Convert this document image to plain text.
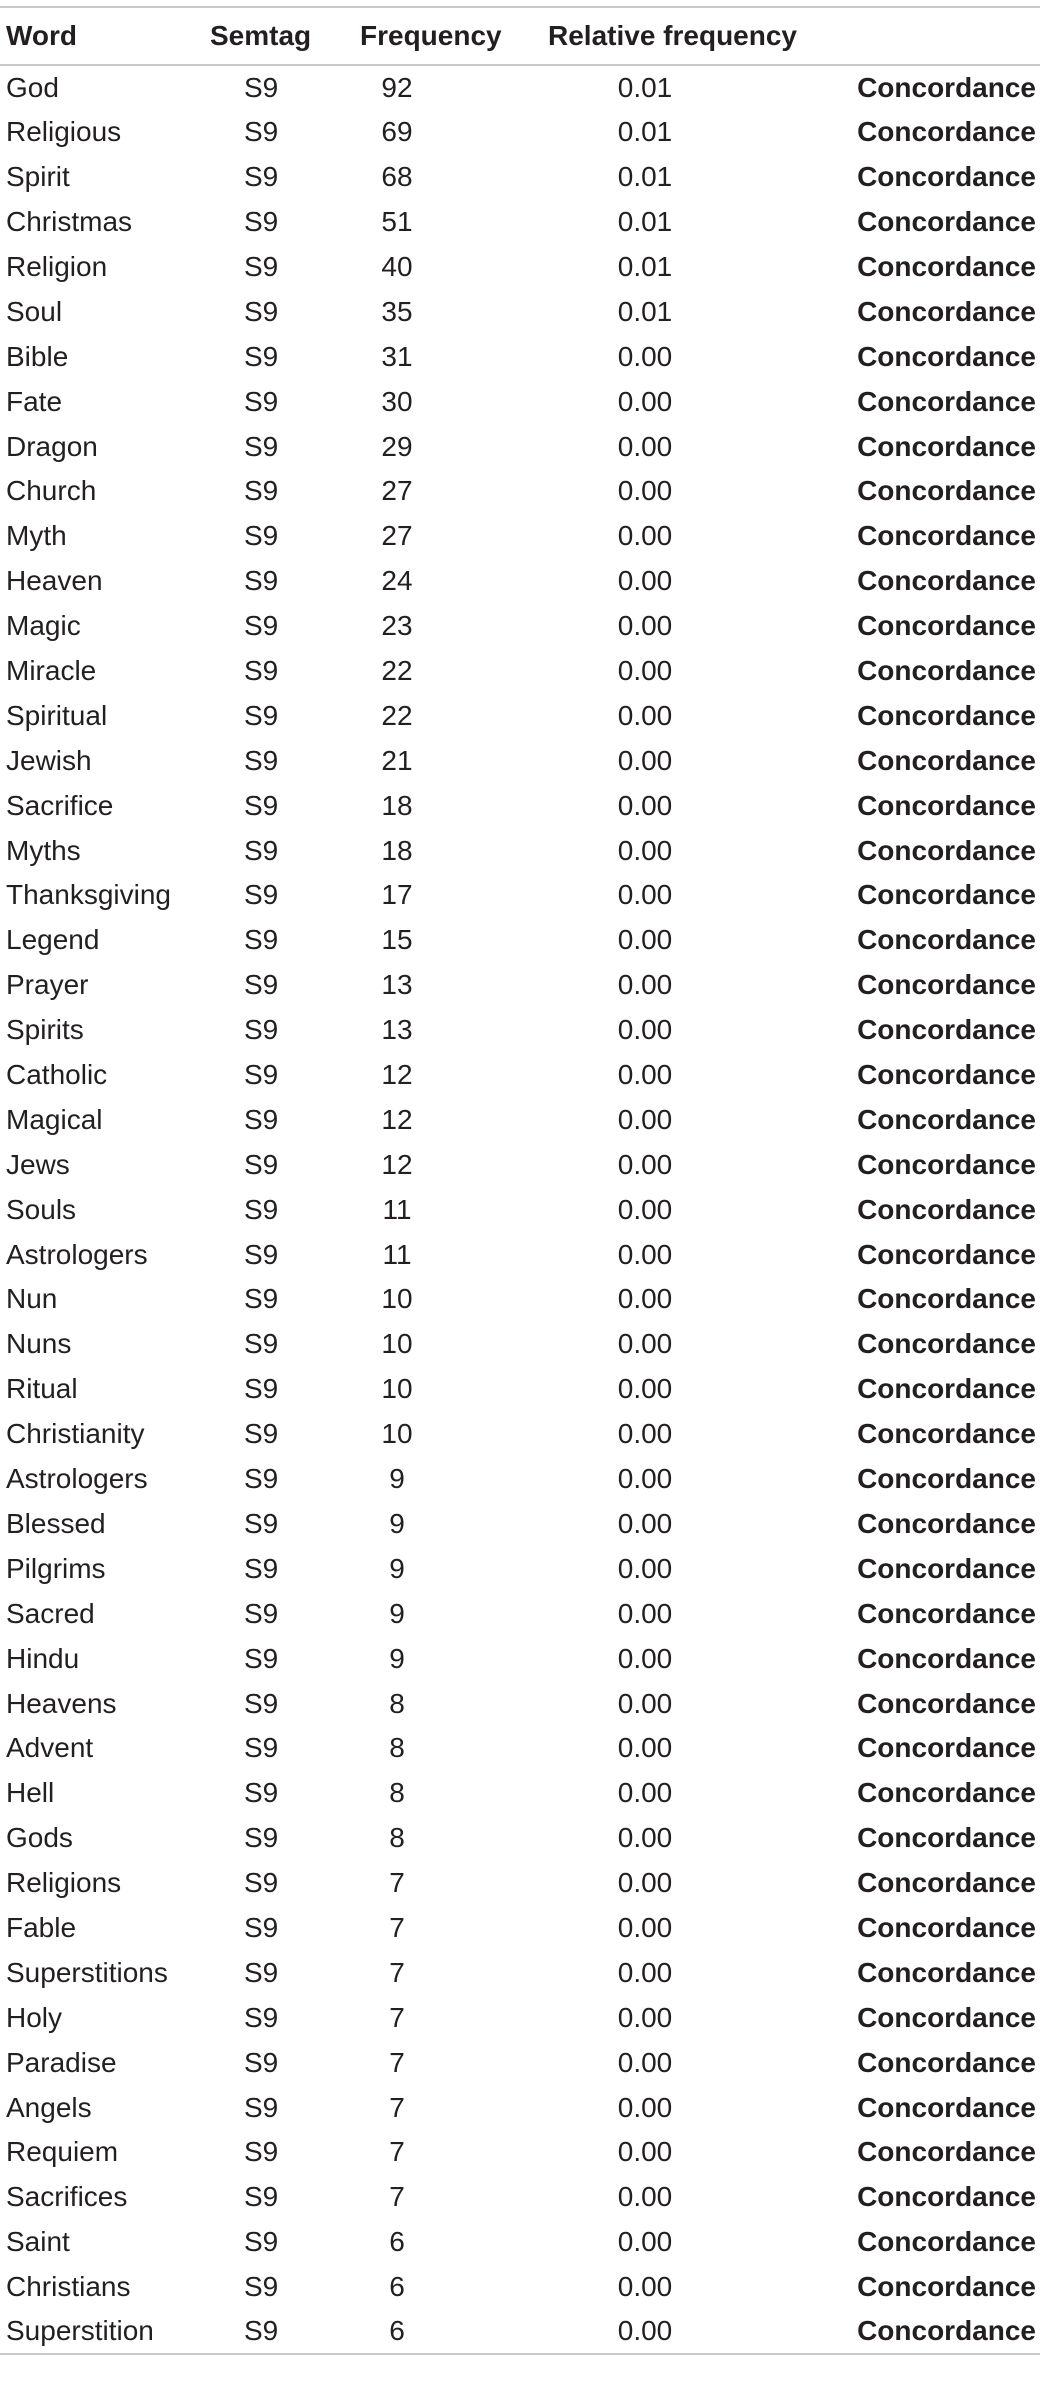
Word	Semtag	Frequency	Relative frequency	
God	S9	92	0.01	Concordance
Religious	S9	69	0.01	Concordance
Spirit	S9	68	0.01	Concordance
Christmas	S9	51	0.01	Concordance
Religion	S9	40	0.01	Concordance
Soul	S9	35	0.01	Concordance
Bible	S9	31	0.00	Concordance
Fate	S9	30	0.00	Concordance
Dragon	S9	29	0.00	Concordance
Church	S9	27	0.00	Concordance
Myth	S9	27	0.00	Concordance
Heaven	S9	24	0.00	Concordance
Magic	S9	23	0.00	Concordance
Miracle	S9	22	0.00	Concordance
Spiritual	S9	22	0.00	Concordance
Jewish	S9	21	0.00	Concordance
Sacrifice	S9	18	0.00	Concordance
Myths	S9	18	0.00	Concordance
Thanksgiving	S9	17	0.00	Concordance
Legend	S9	15	0.00	Concordance
Prayer	S9	13	0.00	Concordance
Spirits	S9	13	0.00	Concordance
Catholic	S9	12	0.00	Concordance
Magical	S9	12	0.00	Concordance
Jews	S9	12	0.00	Concordance
Souls	S9	11	0.00	Concordance
Astrologers	S9	11	0.00	Concordance
Nun	S9	10	0.00	Concordance
Nuns	S9	10	0.00	Concordance
Ritual	S9	10	0.00	Concordance
Christianity	S9	10	0.00	Concordance
Astrologers	S9	9	0.00	Concordance
Blessed	S9	9	0.00	Concordance
Pilgrims	S9	9	0.00	Concordance
Sacred	S9	9	0.00	Concordance
Hindu	S9	9	0.00	Concordance
Heavens	S9	8	0.00	Concordance
Advent	S9	8	0.00	Concordance
Hell	S9	8	0.00	Concordance
Gods	S9	8	0.00	Concordance
Religions	S9	7	0.00	Concordance
Fable	S9	7	0.00	Concordance
Superstitions	S9	7	0.00	Concordance
Holy	S9	7	0.00	Concordance
Paradise	S9	7	0.00	Concordance
Angels	S9	7	0.00	Concordance
Requiem	S9	7	0.00	Concordance
Sacrifices	S9	7	0.00	Concordance
Saint	S9	6	0.00	Concordance
Christians	S9	6	0.00	Concordance
Superstition	S9	6	0.00	Concordance
